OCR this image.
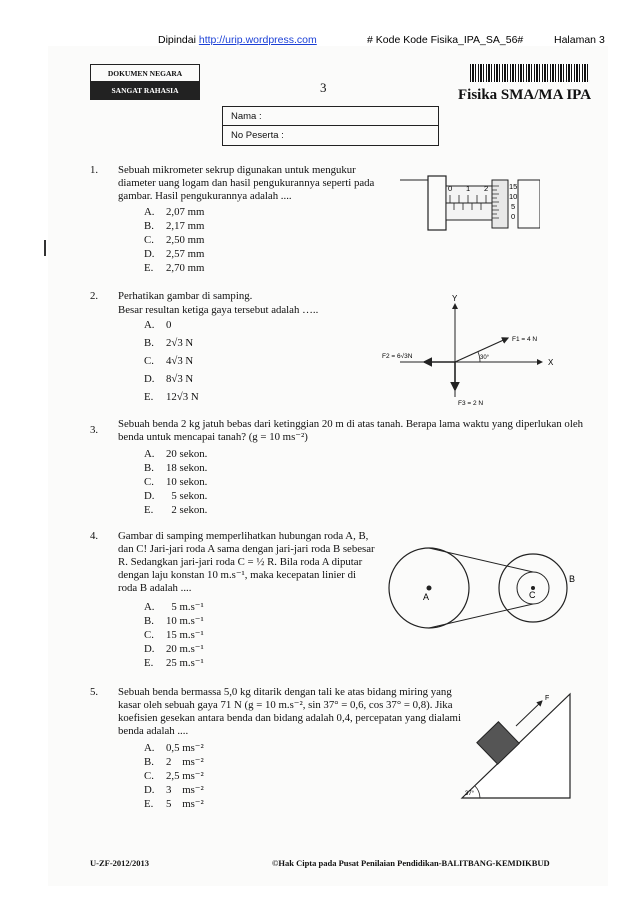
Dipindai http://urip.wordpress.com	# Kode Kode Fisika_IPA_SA_56#	Halaman 3
DOKUMEN NEGARA
SANGAT RAHASIA	3	Fisika SMA/MA IPA
Nama :
No Peserta :
1. Sebuah mikrometer sekrup digunakan untuk mengukur diameter uang logam dan hasil pengukurannya seperti pada gambar. Hasil pengukurannya adalah ....
A. 2,07 mm
B. 2,17 mm
C. 2,50 mm
D. 2,57 mm
E. 2,70 mm
0 1 2	15
10
5
0
2. Perhatikan gambar di samping.
Besar resultan ketiga gaya tersebut adalah …..
A. 0
B. 2√3 N
C. 4√3 N
D. 8√3 N
E. 12√3 N
Y
X
F1 = 4 N
F2 = 6√3N
F3 = 2 N
30°
3. Sebuah benda 2 kg jatuh bebas dari ketinggian 20 m di atas tanah. Berapa lama waktu yang diperlukan oleh benda untuk mencapai tanah? (g = 10 ms⁻²)
A. 20 sekon.
B. 18 sekon.
C. 10 sekon.
D.  5 sekon.
E.  2 sekon.
4. Gambar di samping memperlihatkan hubungan roda A, B, dan C! Jari-jari roda A sama dengan jari-jari roda B sebesar R. Sedangkan jari-jari roda C = ½ R. Bila roda A diputar dengan laju konstan 10 m.s⁻¹, maka kecepatan linier di roda B adalah ....
A.  5 m.s⁻¹
B. 10 m.s⁻¹
C. 15 m.s⁻¹
D. 20 m.s⁻¹
E. 25 m.s⁻¹
A
B
C
5. Sebuah benda bermassa 5,0 kg ditarik dengan tali ke atas bidang miring yang kasar oleh sebuah gaya 71 N (g = 10 m.s⁻², sin 37° = 0,6, cos 37° = 0,8). Jika koefisien gesekan antara benda dan bidang adalah 0,4, percepatan yang dialami benda adalah ....
A. 0,5 ms⁻²
B. 2    ms⁻²
C. 2,5 ms⁻²
D. 3    ms⁻²
E. 5    ms⁻²
F
37°
U-ZF-2012/2013	©Hak Cipta pada Pusat Penilaian Pendidikan-BALITBANG-KEMDIKBUD
